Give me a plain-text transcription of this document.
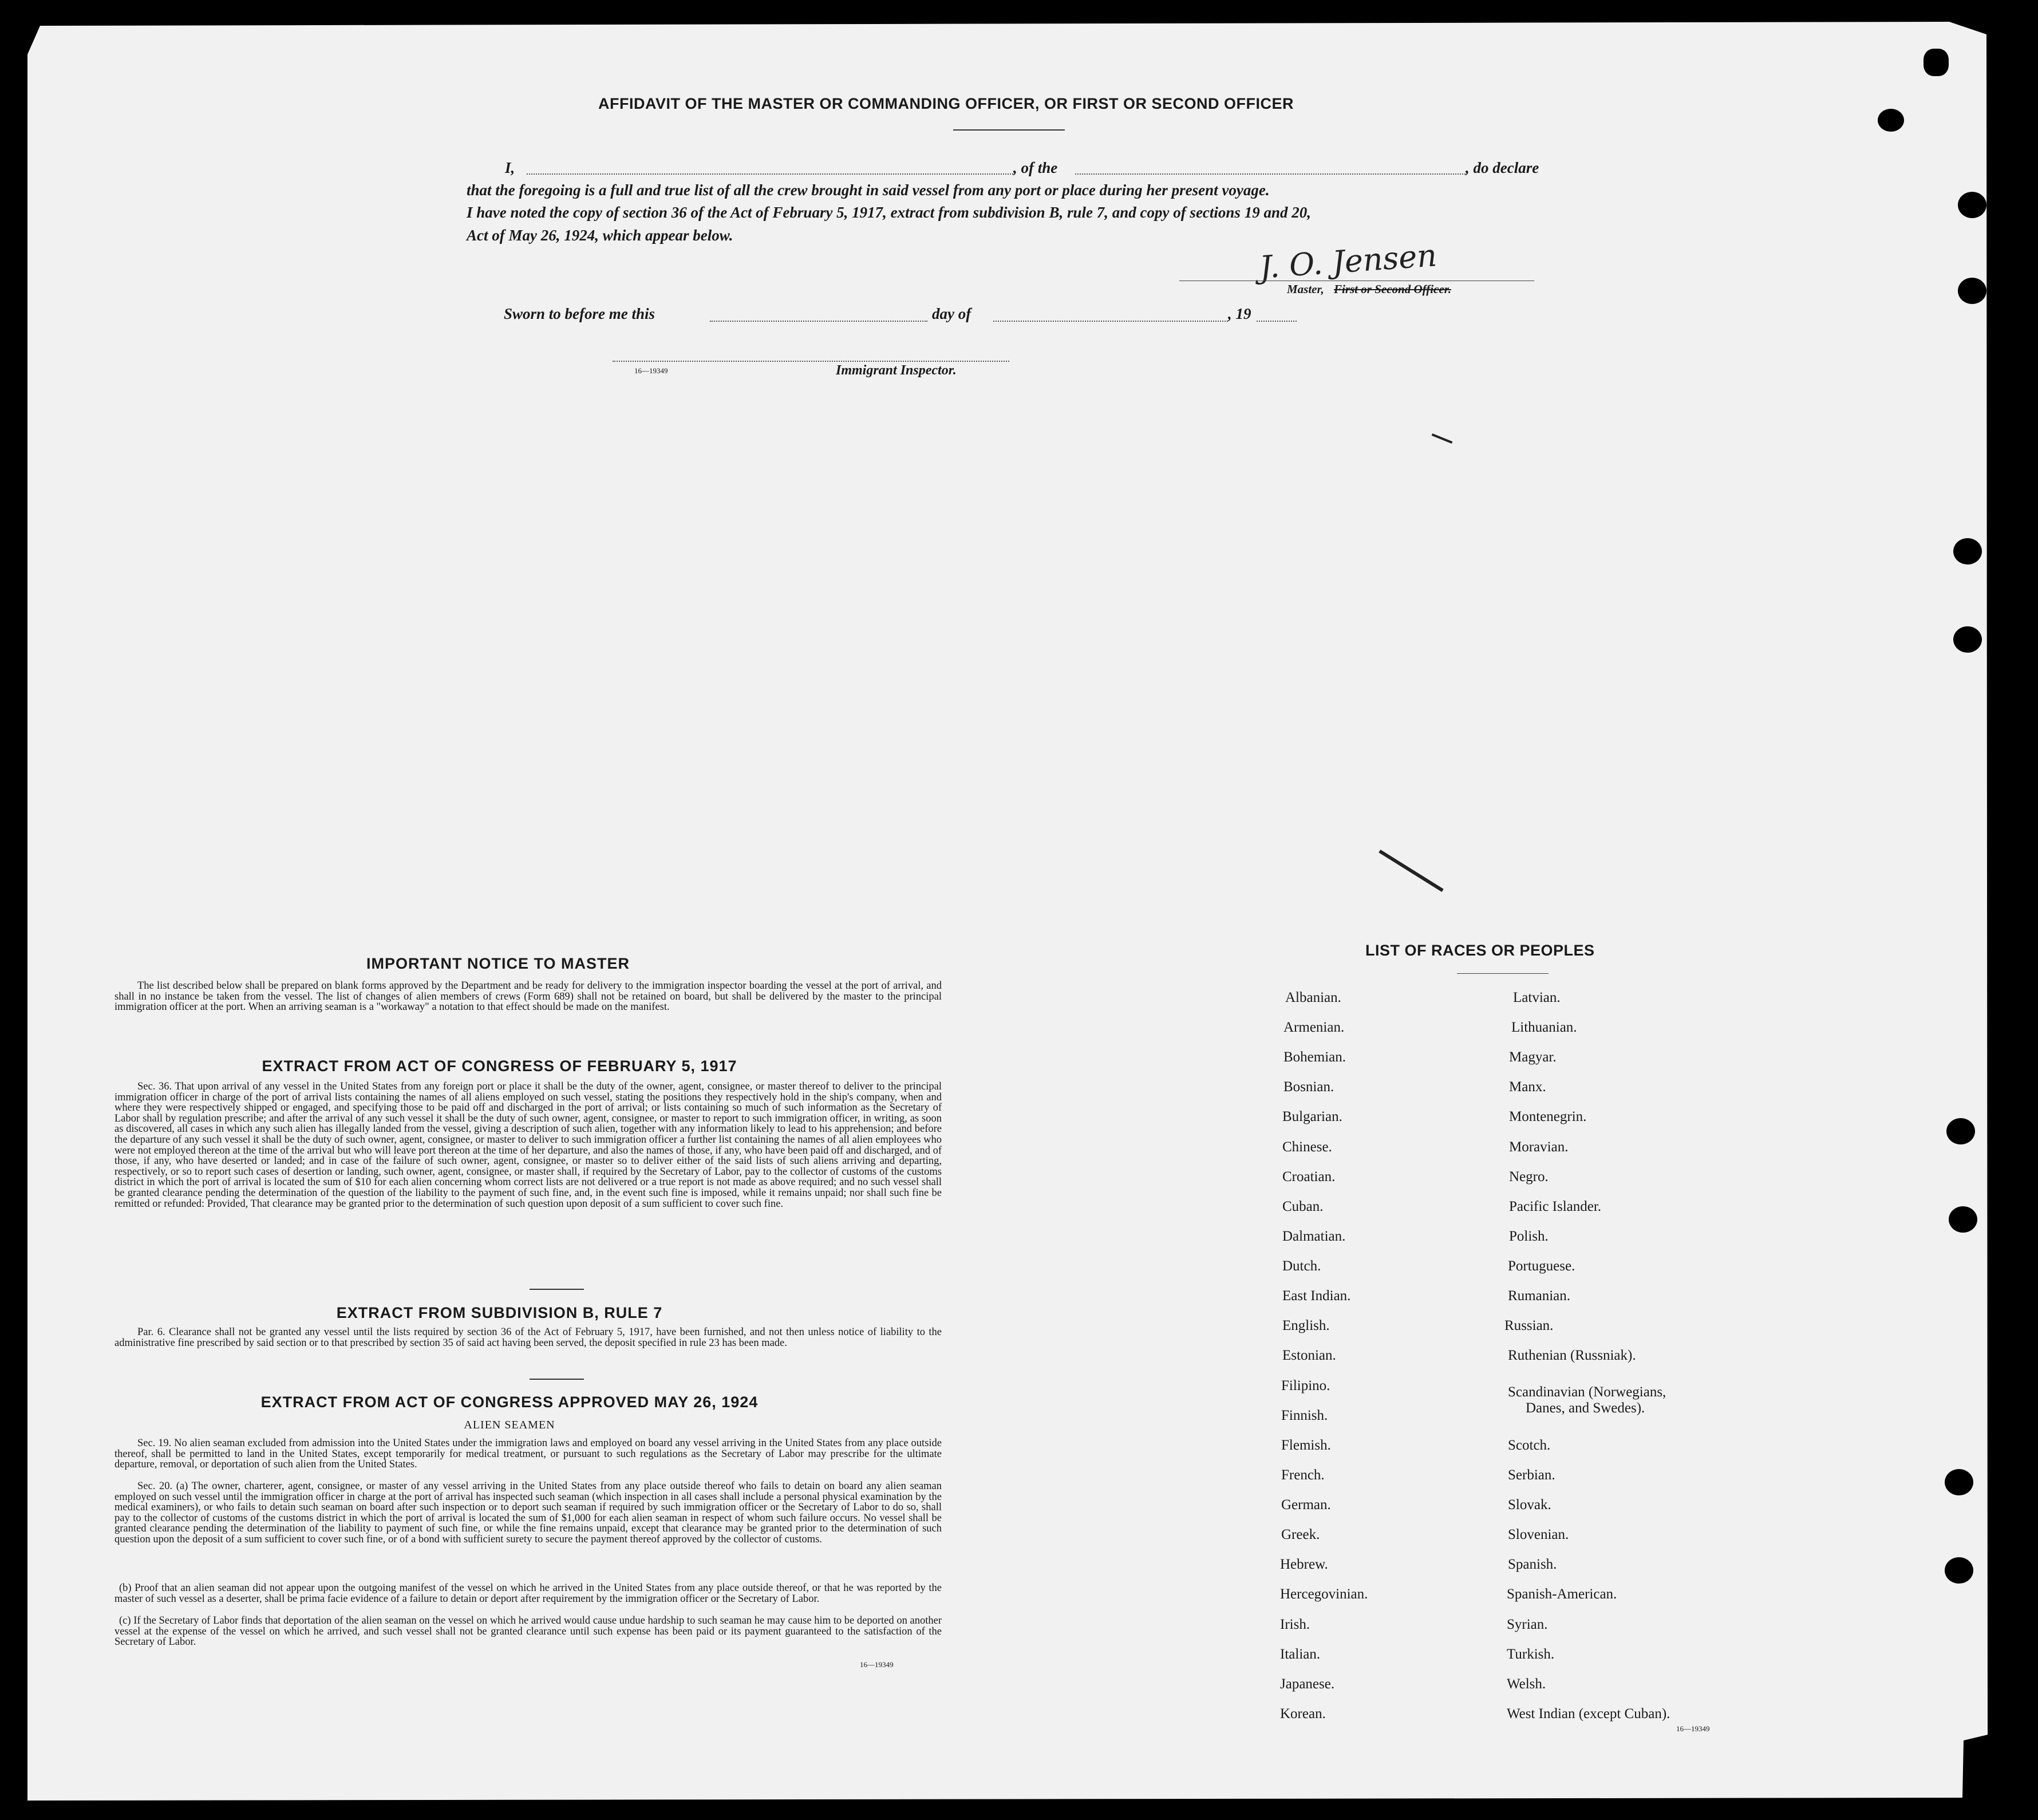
AFFIDAVIT OF THE MASTER OR COMMANDING OFFICER, OR FIRST OR SECOND OFFICER
I,	, of the	, do declare
that the foregoing is a full and true list of all the crew brought in said vessel from any port or place during her present voyage.
I have noted the copy of section 36 of the Act of February 5, 1917, extract from subdivision B, rule 7, and copy of sections 19 and 20,
Act of May 26, 1924, which appear below.
J. O. Jensen
Master, First or Second Officer.
Sworn to before me this	day of	, 19
16—19349	Immigrant Inspector.
IMPORTANT NOTICE TO MASTER
The list described below shall be prepared on blank forms approved by the Department and be ready for delivery to the immigration inspector boarding the vessel at the port of arrival, and shall in no instance be taken from the vessel. The list of changes of alien members of crews (Form 689) shall not be retained on board, but shall be delivered by the master to the principal immigration officer at the port. When an arriving seaman is a "workaway" a notation to that effect should be made on the manifest.
EXTRACT FROM ACT OF CONGRESS OF FEBRUARY 5, 1917
Sec. 36. That upon arrival of any vessel in the United States from any foreign port or place it shall be the duty of the owner, agent, consignee, or master thereof to deliver to the principal immigration officer in charge of the port of arrival lists containing the names of all aliens employed on such vessel, stating the positions they respectively hold in the ship's company, when and where they were respectively shipped or engaged, and specifying those to be paid off and discharged in the port of arrival; or lists containing so much of such information as the Secretary of Labor shall by regulation prescribe; and after the arrival of any such vessel it shall be the duty of such owner, agent, consignee, or master to report to such immigration officer, in writing, as soon as discovered, all cases in which any such alien has illegally landed from the vessel, giving a description of such alien, together with any information likely to lead to his apprehension; and before the departure of any such vessel it shall be the duty of such owner, agent, consignee, or master to deliver to such immigration officer a further list containing the names of all alien employees who were not employed thereon at the time of the arrival but who will leave port thereon at the time of her departure, and also the names of those, if any, who have been paid off and discharged, and of those, if any, who have deserted or landed; and in case of the failure of such owner, agent, consignee, or master so to deliver either of the said lists of such aliens arriving and departing, respectively, or so to report such cases of desertion or landing, such owner, agent, consignee, or master shall, if required by the Secretary of Labor, pay to the collector of customs of the customs district in which the port of arrival is located the sum of $10 for each alien concerning whom correct lists are not delivered or a true report is not made as above required; and no such vessel shall be granted clearance pending the determination of the question of the liability to the payment of such fine, and, in the event such fine is imposed, while it remains unpaid; nor shall such fine be remitted or refunded: Provided, That clearance may be granted prior to the determination of such question upon deposit of a sum sufficient to cover such fine.
EXTRACT FROM SUBDIVISION B, RULE 7
Par. 6. Clearance shall not be granted any vessel until the lists required by section 36 of the Act of February 5, 1917, have been furnished, and not then unless notice of liability to the administrative fine prescribed by said section or to that prescribed by section 35 of said act having been served, the deposit specified in rule 23 has been made.
EXTRACT FROM ACT OF CONGRESS APPROVED MAY 26, 1924
ALIEN SEAMEN
Sec. 19. No alien seaman excluded from admission into the United States under the immigration laws and employed on board any vessel arriving in the United States from any place outside thereof, shall be permitted to land in the United States, except temporarily for medical treatment, or pursuant to such regulations as the Secretary of Labor may prescribe for the ultimate departure, removal, or deportation of such alien from the United States.
Sec. 20. (a) The owner, charterer, agent, consignee, or master of any vessel arriving in the United States from any place outside thereof who fails to detain on board any alien seaman employed on such vessel until the immigration officer in charge at the port of arrival has inspected such seaman (which inspection in all cases shall include a personal physical examination by the medical examiners), or who fails to detain such seaman on board after such inspection or to deport such seaman if required by such immigration officer or the Secretary of Labor to do so, shall pay to the collector of customs of the customs district in which the port of arrival is located the sum of $1,000 for each alien seaman in respect of whom such failure occurs. No vessel shall be granted clearance pending the determination of the liability to payment of such fine, or while the fine remains unpaid, except that clearance may be granted prior to the determination of such question upon the deposit of a sum sufficient to cover such fine, or of a bond with sufficient surety to secure the payment thereof approved by the collector of customs.
(b) Proof that an alien seaman did not appear upon the outgoing manifest of the vessel on which he arrived in the United States from any place outside thereof, or that he was reported by the master of such vessel as a deserter, shall be prima facie evidence of a failure to detain or deport after requirement by the immigration officer or the Secretary of Labor.
(c) If the Secretary of Labor finds that deportation of the alien seaman on the vessel on which he arrived would cause undue hardship to such seaman he may cause him to be deported on another vessel at the expense of the vessel on which he arrived, and such vessel shall not be granted clearance until such expense has been paid or its payment guaranteed to the satisfaction of the Secretary of Labor.
16—19349
LIST OF RACES OR PEOPLES
Albanian.
Armenian.
Bohemian.
Bosnian.
Bulgarian.
Chinese.
Croatian.
Cuban.
Dalmatian.
Dutch.
East Indian.
English.
Estonian.
Filipino.
Finnish.
Flemish.
French.
German.
Greek.
Hebrew.
Hercegovinian.
Irish.
Italian.
Japanese.
Korean.
Latvian.
Lithuanian.
Magyar.
Manx.
Montenegrin.
Moravian.
Negro.
Pacific Islander.
Polish.
Portuguese.
Rumanian.
Russian.
Ruthenian (Russniak).
Scandinavian (Norwegians,
Danes, and Swedes).
Scotch.
Serbian.
Slovak.
Slovenian.
Spanish.
Spanish-American.
Syrian.
Turkish.
Welsh.
West Indian (except Cuban).
16—19349
